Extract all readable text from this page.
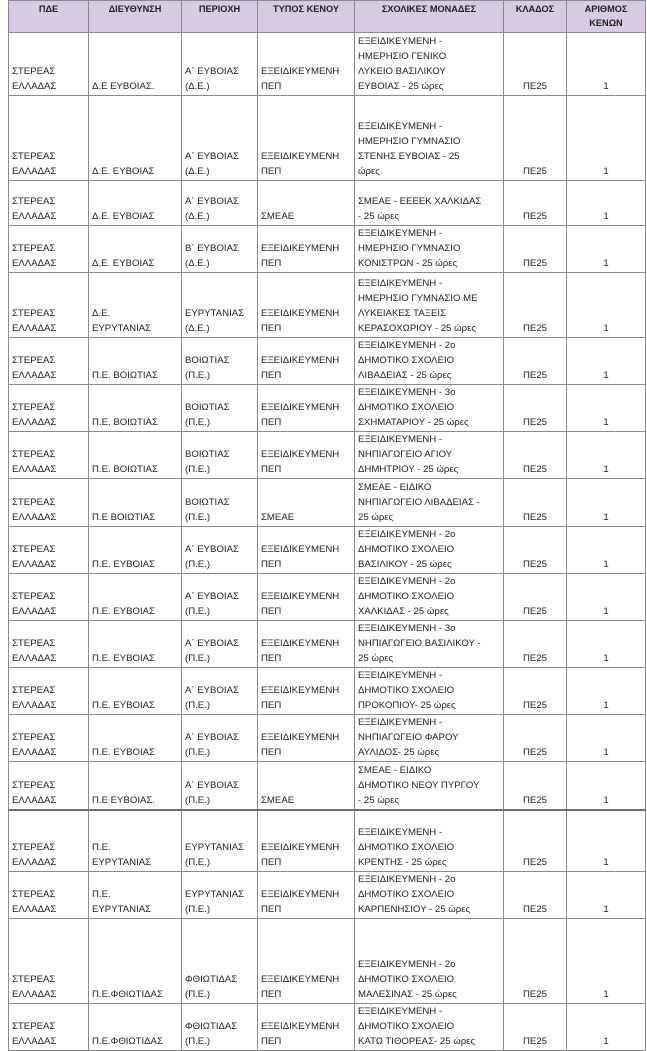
ΠΔΕ	ΔΙΕΥΘΥΝΣΗ	ΠΕΡΙΟΧΗ	ΤΥΠΟΣ ΚΕΝΟΥ	ΣΧΟΛΙΚΕΣ ΜΟΝΑΔΕΣ	ΚΛΑΔΟΣ	ΑΡΙΘΜΟΣ
ΚΕΝΩΝ
ΣΤΕΡΕΑΣ
ΕΛΛΑΔΑΣ	Δ.Ε ΕΥΒΟΙΑΣ.	Α΄ ΕΥΒΟΙΑΣ
(Δ.Ε.)	ΕΞΕΙΔΙΚΕΥΜΕΝΗ
ΠΕΠ	ΕΞΕΙΔΙΚΕΥΜΕΝΗ -
ΗΜΕΡΗΣΙΟ ΓΕΝΙΚΟ
ΛΥΚΕΙΟ ΒΑΣΙΛΙΚΟΥ
ΕΥΒΟΙΑΣ - 25 ώρες	ΠΕ25	1
ΣΤΕΡΕΑΣ
ΕΛΛΑΔΑΣ	Δ.Ε. ΕΥΒΟΙΑΣ	Α΄ ΕΥΒΟΙΑΣ
(Δ.Ε.)	ΕΞΕΙΔΙΚΕΥΜΕΝΗ
ΠΕΠ	ΕΞΕΙΔΙΚΕΥΜΕΝΗ -
ΗΜΕΡΗΣΙΟ ΓΥΜΝΑΣΙΟ
ΣΤΕΝΗΣ ΕΥΒΟΙΑΣ - 25
ώρες	ΠΕ25	1
ΣΤΕΡΕΑΣ
ΕΛΛΑΔΑΣ	Δ.Ε. ΕΥΒΟΙΑΣ	Α΄ ΕΥΒΟΙΑΣ
(Δ.Ε.)	ΣΜΕΑΕ	ΣΜΕΑΕ - ΕΕΕΕΚ ΧΑΛΚΙΔΑΣ
- 25 ώρες	ΠΕ25	1
ΣΤΕΡΕΑΣ
ΕΛΛΑΔΑΣ	Δ.Ε. ΕΥΒΟΙΑΣ	Β΄ ΕΥΒΟΙΑΣ
(Δ.Ε.)	ΕΞΕΙΔΙΚΕΥΜΕΝΗ
ΠΕΠ	ΕΞΕΙΔΙΚΕΥΜΕΝΗ -
ΗΜΕΡΗΣΙΟ ΓΥΜΝΑΣΙΟ
ΚΟΝΙΣΤΡΩΝ - 25 ώρες	ΠΕ25	1
ΣΤΕΡΕΑΣ
ΕΛΛΑΔΑΣ	Δ.Ε.
ΕΥΡΥΤΑΝΙΑΣ	ΕΥΡΥΤΑΝΙΑΣ
(Δ.Ε.)	ΕΞΕΙΔΙΚΕΥΜΕΝΗ
ΠΕΠ	ΕΞΕΙΔΙΚΕΥΜΕΝΗ -
ΗΜΕΡΗΣΙΟ ΓΥΜΝΑΣΙΟ ΜΕ
ΛΥΚΕΙΑΚΕΣ ΤΑΞΕΙΣ
ΚΕΡΑΣΟΧΩΡΙΟΥ - 25 ώρες	ΠΕ25	1
ΣΤΕΡΕΑΣ
ΕΛΛΑΔΑΣ	Π.Ε. ΒΟΙΩΤΙΑΣ	ΒΟΙΩΤΙΑΣ
(Π.Ε.)	ΕΞΕΙΔΙΚΕΥΜΕΝΗ
ΠΕΠ	ΕΞΕΙΔΙΚΕΥΜΕΝΗ - 2ο
ΔΗΜΟΤΙΚΟ ΣΧΟΛΕΙΟ
ΛΙΒΑΔΕΙΑΣ - 25 ώρες	ΠΕ25	1
ΣΤΕΡΕΑΣ
ΕΛΛΑΔΑΣ	Π.Ε. ΒΟΙΩΤΙΑΣ	ΒΟΙΩΤΙΑΣ
(Π.Ε.)	ΕΞΕΙΔΙΚΕΥΜΕΝΗ
ΠΕΠ	ΕΞΕΙΔΙΚΕΥΜΕΝΗ - 3ο
ΔΗΜΟΤΙΚΟ ΣΧΟΛΕΙΟ
ΣΧΗΜΑΤΑΡΙΟΥ - 25 ώρες	ΠΕ25	1
ΣΤΕΡΕΑΣ
ΕΛΛΑΔΑΣ	Π.Ε. ΒΟΙΩΤΙΑΣ	ΒΟΙΩΤΙΑΣ
(Π.Ε.)	ΕΞΕΙΔΙΚΕΥΜΕΝΗ
ΠΕΠ	ΕΞΕΙΔΙΚΕΥΜΕΝΗ -
ΝΗΠΙΑΓΩΓΕΙΟ ΑΓΙΟΥ
ΔΗΜΗΤΡΙΟΥ - 25 ώρες	ΠΕ25	1
ΣΤΕΡΕΑΣ
ΕΛΛΑΔΑΣ	Π.Ε ΒΟΙΩΤΙΑΣ	ΒΟΙΩΤΙΑΣ
(Π.Ε.)	ΣΜΕΑΕ	ΣΜΕΑΕ - ΕΙΔΙΚΟ
ΝΗΠΙΑΓΩΓΕΙΟ ΛΙΒΑΔΕΙΑΣ -
25 ώρες	ΠΕ25	1
ΣΤΕΡΕΑΣ
ΕΛΛΑΔΑΣ	Π.Ε. ΕΥΒΟΙΑΣ	Α΄ ΕΥΒΟΙΑΣ
(Π.Ε.)	ΕΞΕΙΔΙΚΕΥΜΕΝΗ
ΠΕΠ	ΕΞΕΙΔΙΚΕΥΜΕΝΗ - 2ο
ΔΗΜΟΤΙΚΟ ΣΧΟΛΕΙΟ
ΒΑΣΙΛΙΚΟΥ - 25 ώρες	ΠΕ25	1
ΣΤΕΡΕΑΣ
ΕΛΛΑΔΑΣ	Π.Ε. ΕΥΒΟΙΑΣ	Α΄ ΕΥΒΟΙΑΣ
(Π.Ε.)	ΕΞΕΙΔΙΚΕΥΜΕΝΗ
ΠΕΠ	ΕΞΕΙΔΙΚΕΥΜΕΝΗ - 2ο
ΔΗΜΟΤΙΚΟ ΣΧΟΛΕΙΟ
ΧΑΛΚΙΔΑΣ - 25 ώρες	ΠΕ25	1
ΣΤΕΡΕΑΣ
ΕΛΛΑΔΑΣ	Π.Ε. ΕΥΒΟΙΑΣ	Α΄ ΕΥΒΟΙΑΣ
(Π.Ε.)	ΕΞΕΙΔΙΚΕΥΜΕΝΗ
ΠΕΠ	ΕΞΕΙΔΙΚΕΥΜΕΝΗ - 3ο
ΝΗΠΙΑΓΩΓΕΙΟ ΒΑΣΙΛΙΚΟΥ -
25 ώρες	ΠΕ25	1
ΣΤΕΡΕΑΣ
ΕΛΛΑΔΑΣ	Π.Ε. ΕΥΒΟΙΑΣ	Α΄ ΕΥΒΟΙΑΣ
(Π.Ε.)	ΕΞΕΙΔΙΚΕΥΜΕΝΗ
ΠΕΠ	ΕΞΕΙΔΙΚΕΥΜΕΝΗ -
ΔΗΜΟΤΙΚΟ ΣΧΟΛΕΙΟ
ΠΡΟΚΟΠΙΟΥ- 25 ώρες	ΠΕ25	1
ΣΤΕΡΕΑΣ
ΕΛΛΑΔΑΣ	Π.Ε. ΕΥΒΟΙΑΣ	Α΄ ΕΥΒΟΙΑΣ
(Π.Ε.)	ΕΞΕΙΔΙΚΕΥΜΕΝΗ
ΠΕΠ	ΕΞΕΙΔΙΚΕΥΜΕΝΗ -
ΝΗΠΙΑΓΩΓΕΙΟ ΦΑΡΟΥ
ΑΥΛΙΔΟΣ- 25 ώρες	ΠΕ25	1
ΣΤΕΡΕΑΣ
ΕΛΛΑΔΑΣ	Π.Ε ΕΥΒΟΙΑΣ.	Α΄ ΕΥΒΟΙΑΣ
(Π.Ε.)	ΣΜΕΑΕ	ΣΜΕΑΕ - ΕΙΔΙΚΟ
ΔΗΜΟΤΙΚΟ ΝΕΟΥ ΠΥΡΓΟΥ
- 25 ώρες	ΠΕ25	1
ΣΤΕΡΕΑΣ
ΕΛΛΑΔΑΣ	Π.Ε.
ΕΥΡΥΤΑΝΙΑΣ	ΕΥΡΥΤΑΝΙΑΣ
(Π.Ε.)	ΕΞΕΙΔΙΚΕΥΜΕΝΗ
ΠΕΠ	ΕΞΕΙΔΙΚΕΥΜΕΝΗ -
ΔΗΜΟΤΙΚΟ ΣΧΟΛΕΙΟ
ΚΡΕΝΤΗΣ - 25 ώρες	ΠΕ25	1
ΣΤΕΡΕΑΣ
ΕΛΛΑΔΑΣ	Π.Ε.
ΕΥΡΥΤΑΝΙΑΣ	ΕΥΡΥΤΑΝΙΑΣ
(Π.Ε.)	ΕΞΕΙΔΙΚΕΥΜΕΝΗ
ΠΕΠ	ΕΞΕΙΔΙΚΕΥΜΕΝΗ - 2ο
ΔΗΜΟΤΙΚΟ ΣΧΟΛΕΙΟ
ΚΑΡΠΕΝΗΣΙΟΥ - 25 ώρες	ΠΕ25	1
ΣΤΕΡΕΑΣ
ΕΛΛΑΔΑΣ	Π.Ε.ΦΘΙΩΤΙΔΑΣ	ΦΘΙΩΤΙΔΑΣ
(Π.Ε.)	ΕΞΕΙΔΙΚΕΥΜΕΝΗ
ΠΕΠ	ΕΞΕΙΔΙΚΕΥΜΕΝΗ - 2ο
ΔΗΜΟΤΙΚΟ ΣΧΟΛΕΙΟ
ΜΑΛΕΣΙΝΑΣ - 25 ώρες	ΠΕ25	1
ΣΤΕΡΕΑΣ
ΕΛΛΑΔΑΣ	Π.Ε.ΦΘΙΩΤΙΔΑΣ	ΦΘΙΩΤΙΔΑΣ
(Π.Ε.)	ΕΞΕΙΔΙΚΕΥΜΕΝΗ
ΠΕΠ	ΕΞΕΙΔΙΚΕΥΜΕΝΗ -
ΔΗΜΟΤΙΚΟ ΣΧΟΛΕΙΟ
ΚΑΤΩ ΤΙΘΟΡΕΑΣ- 25 ώρες	ΠΕ25	1
